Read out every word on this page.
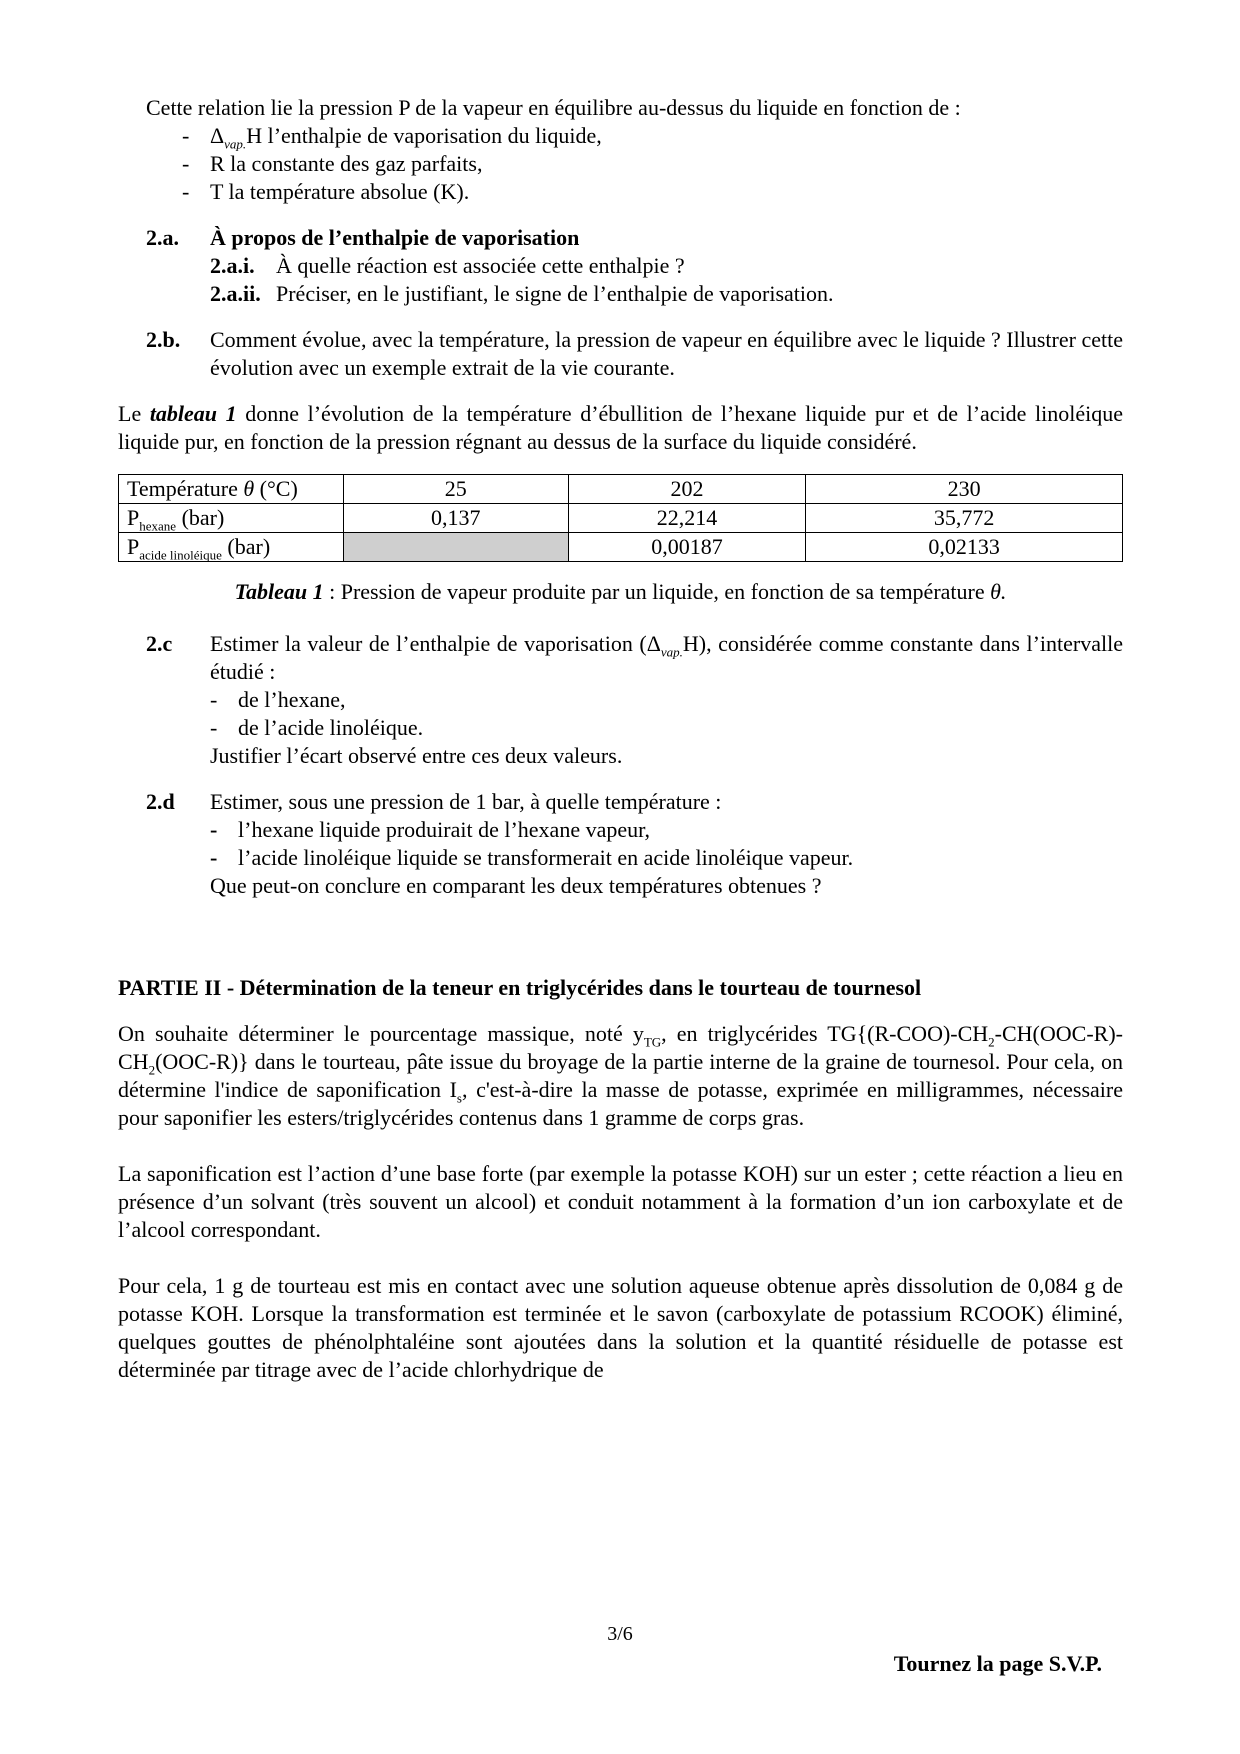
Cette relation lie la pression P de la vapeur en équilibre au-dessus du liquide en fonction de :

- $\Delta_{vap.}H$ l’enthalpie de vaporisation du liquide,
- R la constante des gaz parfaits,
- T la température absolue (K).
2.a.	À propos de l’enthalpie de vaporisation
2.a.i. À quelle réaction est associée cette enthalpie ?
2.a.ii. Préciser, en le justifiant, le signe de l’enthalpie de vaporisation.
2.b.	Comment évolue, avec la température, la pression de vapeur en équilibre avec le liquide ? Illustrer cette évolution avec un exemple extrait de la vie courante.

Le tableau 1 donne l’évolution de la température d’ébullition de l’hexane liquide pur et de l’acide linoléique liquide pur, en fonction de la pression régnant au dessus de la surface du liquide considéré.

Température θ (°C)	25	202	230
$P_{hexane}$ (bar)	0,137	22,214	35,772
$P_{acide linoléique}$ (bar)		0,00187	0,02133

Tableau 1 : Pression de vapeur produite par un liquide, en fonction de sa température θ.

2.c	Estimer la valeur de l’enthalpie de vaporisation $(\Delta_{vap.}H)$, considérée comme constante dans l’intervalle étudié :

- de l’hexane,
- de l’acide linoléique.
Justifier l’écart observé entre ces deux valeurs.
2.d	Estimer, sous une pression de 1 bar, à quelle température :
- l’hexane liquide produirait de l’hexane vapeur,
- l’acide linoléique liquide se transformerait en acide linoléique vapeur.
Que peut-on conclure en comparant les deux températures obtenues ?

PARTIE II - Détermination de la teneur en triglycérides dans le tourteau de tournesol

On souhaite déterminer le pourcentage massique, noté $y_{TG}$, en triglycérides $TG\{(R-COO)-CH_2-CH(OOC-R)-CH_2(OOC-R)\}$ dans le tourteau, pâte issue du broyage de la partie interne de la graine de tournesol. Pour cela, on détermine l'indice de saponification $I_s$, c'est-à-dire la masse de potasse, exprimée en milligrammes, nécessaire pour saponifier les esters/triglycérides contenus dans 1 gramme de corps gras.

La saponification est l’action d’une base forte (par exemple la potasse KOH) sur un ester ; cette réaction a lieu en présence d’un solvant (très souvent un alcool) et conduit notamment à la formation d’un ion carboxylate et de l’alcool correspondant.

Pour cela, 1 g de tourteau est mis en contact avec une solution aqueuse obtenue après dissolution de 0,084 g de potasse KOH. Lorsque la transformation est terminée et le savon (carboxylate de potassium RCOOK) éliminé, quelques gouttes de phénolphtaléine sont ajoutées dans la solution et la quantité résiduelle de potasse est déterminée par titrage avec de l’acide chlorhydrique de

3/6
Tournez la page S.V.P.
